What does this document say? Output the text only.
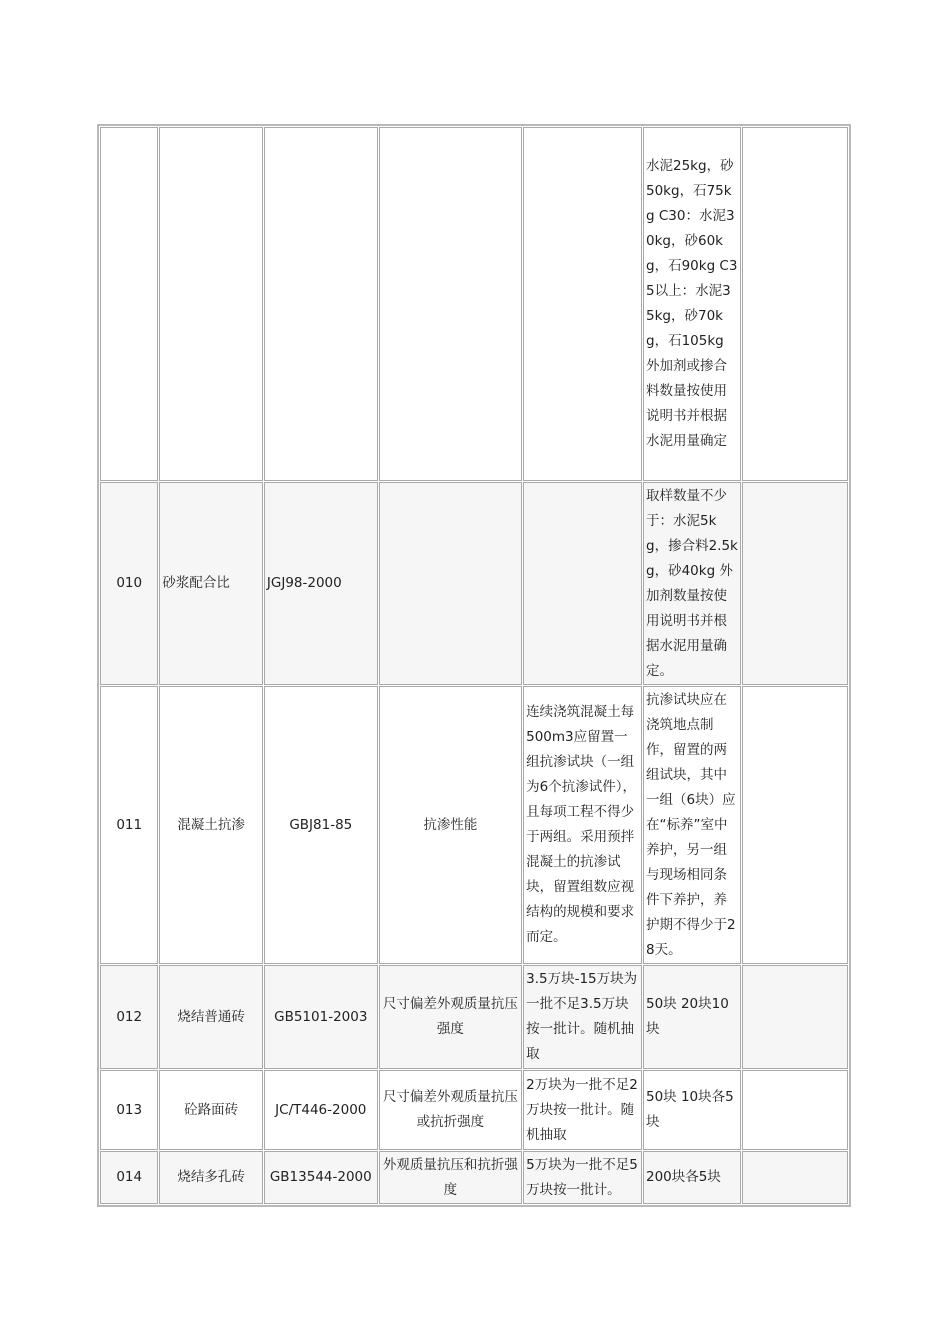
					水泥25kg，砂50kg，石75kg C30：水泥30kg，砂60kg，石90kg C35以上：水泥35kg，砂70kg，石105kg 外加剂或掺合料数量按使用说明书并根据水泥用量确定	
010	砂浆配合比	JGJ98-2000			取样数量不少于：水泥5kg，掺合料2.5kg，砂40kg 外加剂数量按使用说明书并根据水泥用量确定。	
011	混凝土抗渗	GBJ81-85	抗渗性能	连续浇筑混凝土每500m3应留置一组抗渗试块（一组为6个抗渗试件），且每项工程不得少于两组。采用预拌混凝土的抗渗试块，留置组数应视结构的规模和要求而定。	抗渗试块应在浇筑地点制作，留置的两组试块，其中一组（6块）应在“标养”室中养护，另一组与现场相同条件下养护，养护期不得少于28天。	
012	烧结普通砖	GB5101-2003	尺寸偏差外观质量抗压强度	3.5万块-15万块为一批不足3.5万块按一批计。随机抽取	50块 20块10块	
013	砼路面砖	JC/T446-2000	尺寸偏差外观质量抗压或抗折强度	2万块为一批不足2万块按一批计。随机抽取	50块 10块各5块	
014	烧结多孔砖	GB13544-2000	外观质量抗压和抗折强度	5万块为一批不足5万块按一批计。	200块各5块	
